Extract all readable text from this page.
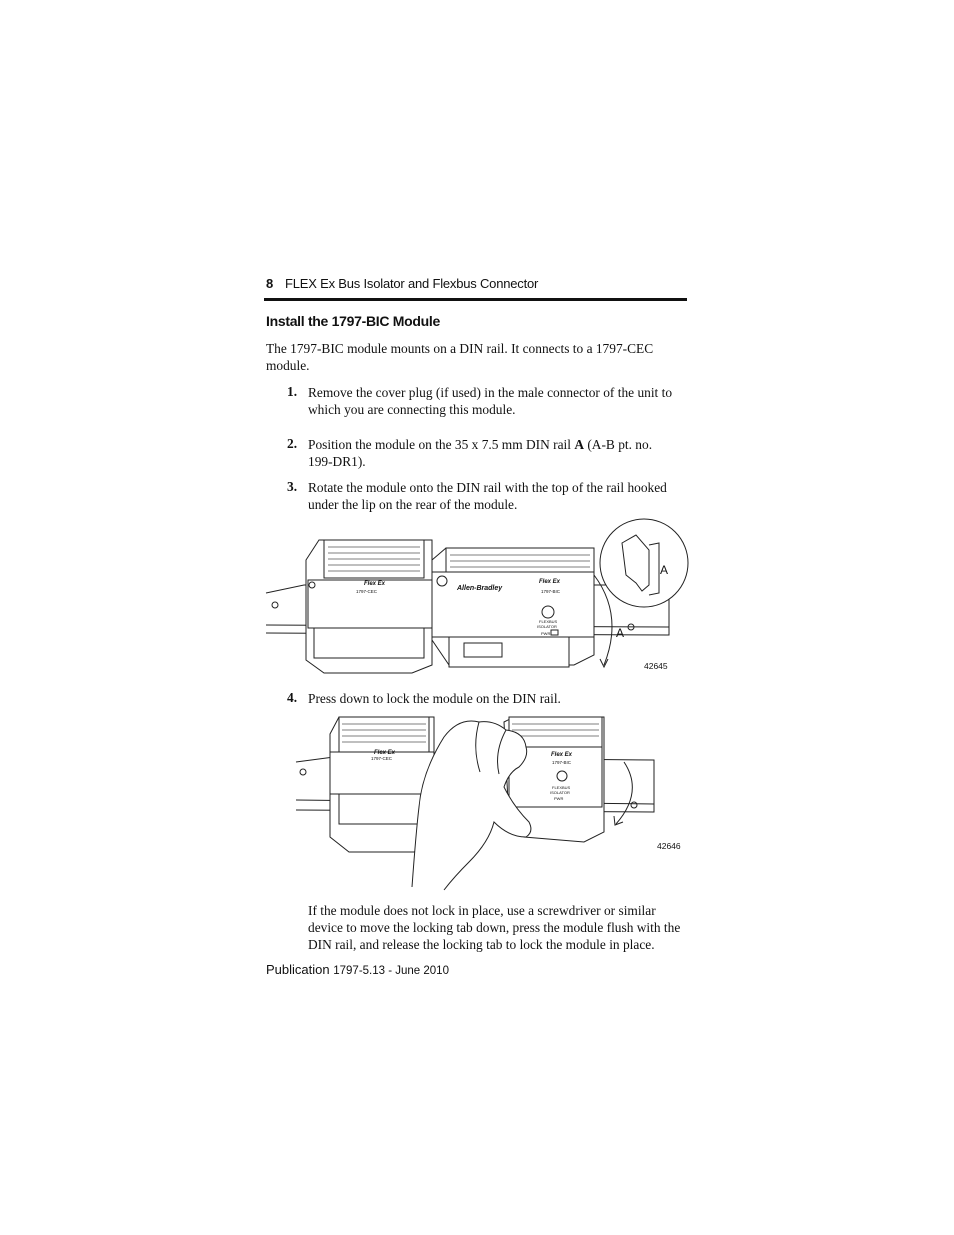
8 FLEX Ex Bus Isolator and Flexbus Connector
Install the 1797-BIC Module
The 1797-BIC module mounts on a DIN rail. It connects to a 1797-CEC module.
1. Remove the cover plug (if used) in the male connector of the unit to which you are connecting this module.
2. Position the module on the 35 x 7.5 mm DIN rail A (A-B pt. no. 199-DR1).
3. Rotate the module onto the DIN rail with the top of the rail hooked under the lip on the rear of the module.
1797-CEC
Flex Ex
Allen-Bradley
Flex Ex
1797-BIC
FLEXBUS
ISOLATOR
PWR
A
A
42645
4. Press down to lock the module on the DIN rail.
1797-CEC
Flex Ex
1797-BIC
Flex Ex
FLEXBUS
ISOLATOR
PWR
42646
If the module does not lock in place, use a screwdriver or similar device to move the locking tab down, press the module flush with the DIN rail, and release the locking tab to lock the module in place.
Publication 1797-5.13 - June 2010
